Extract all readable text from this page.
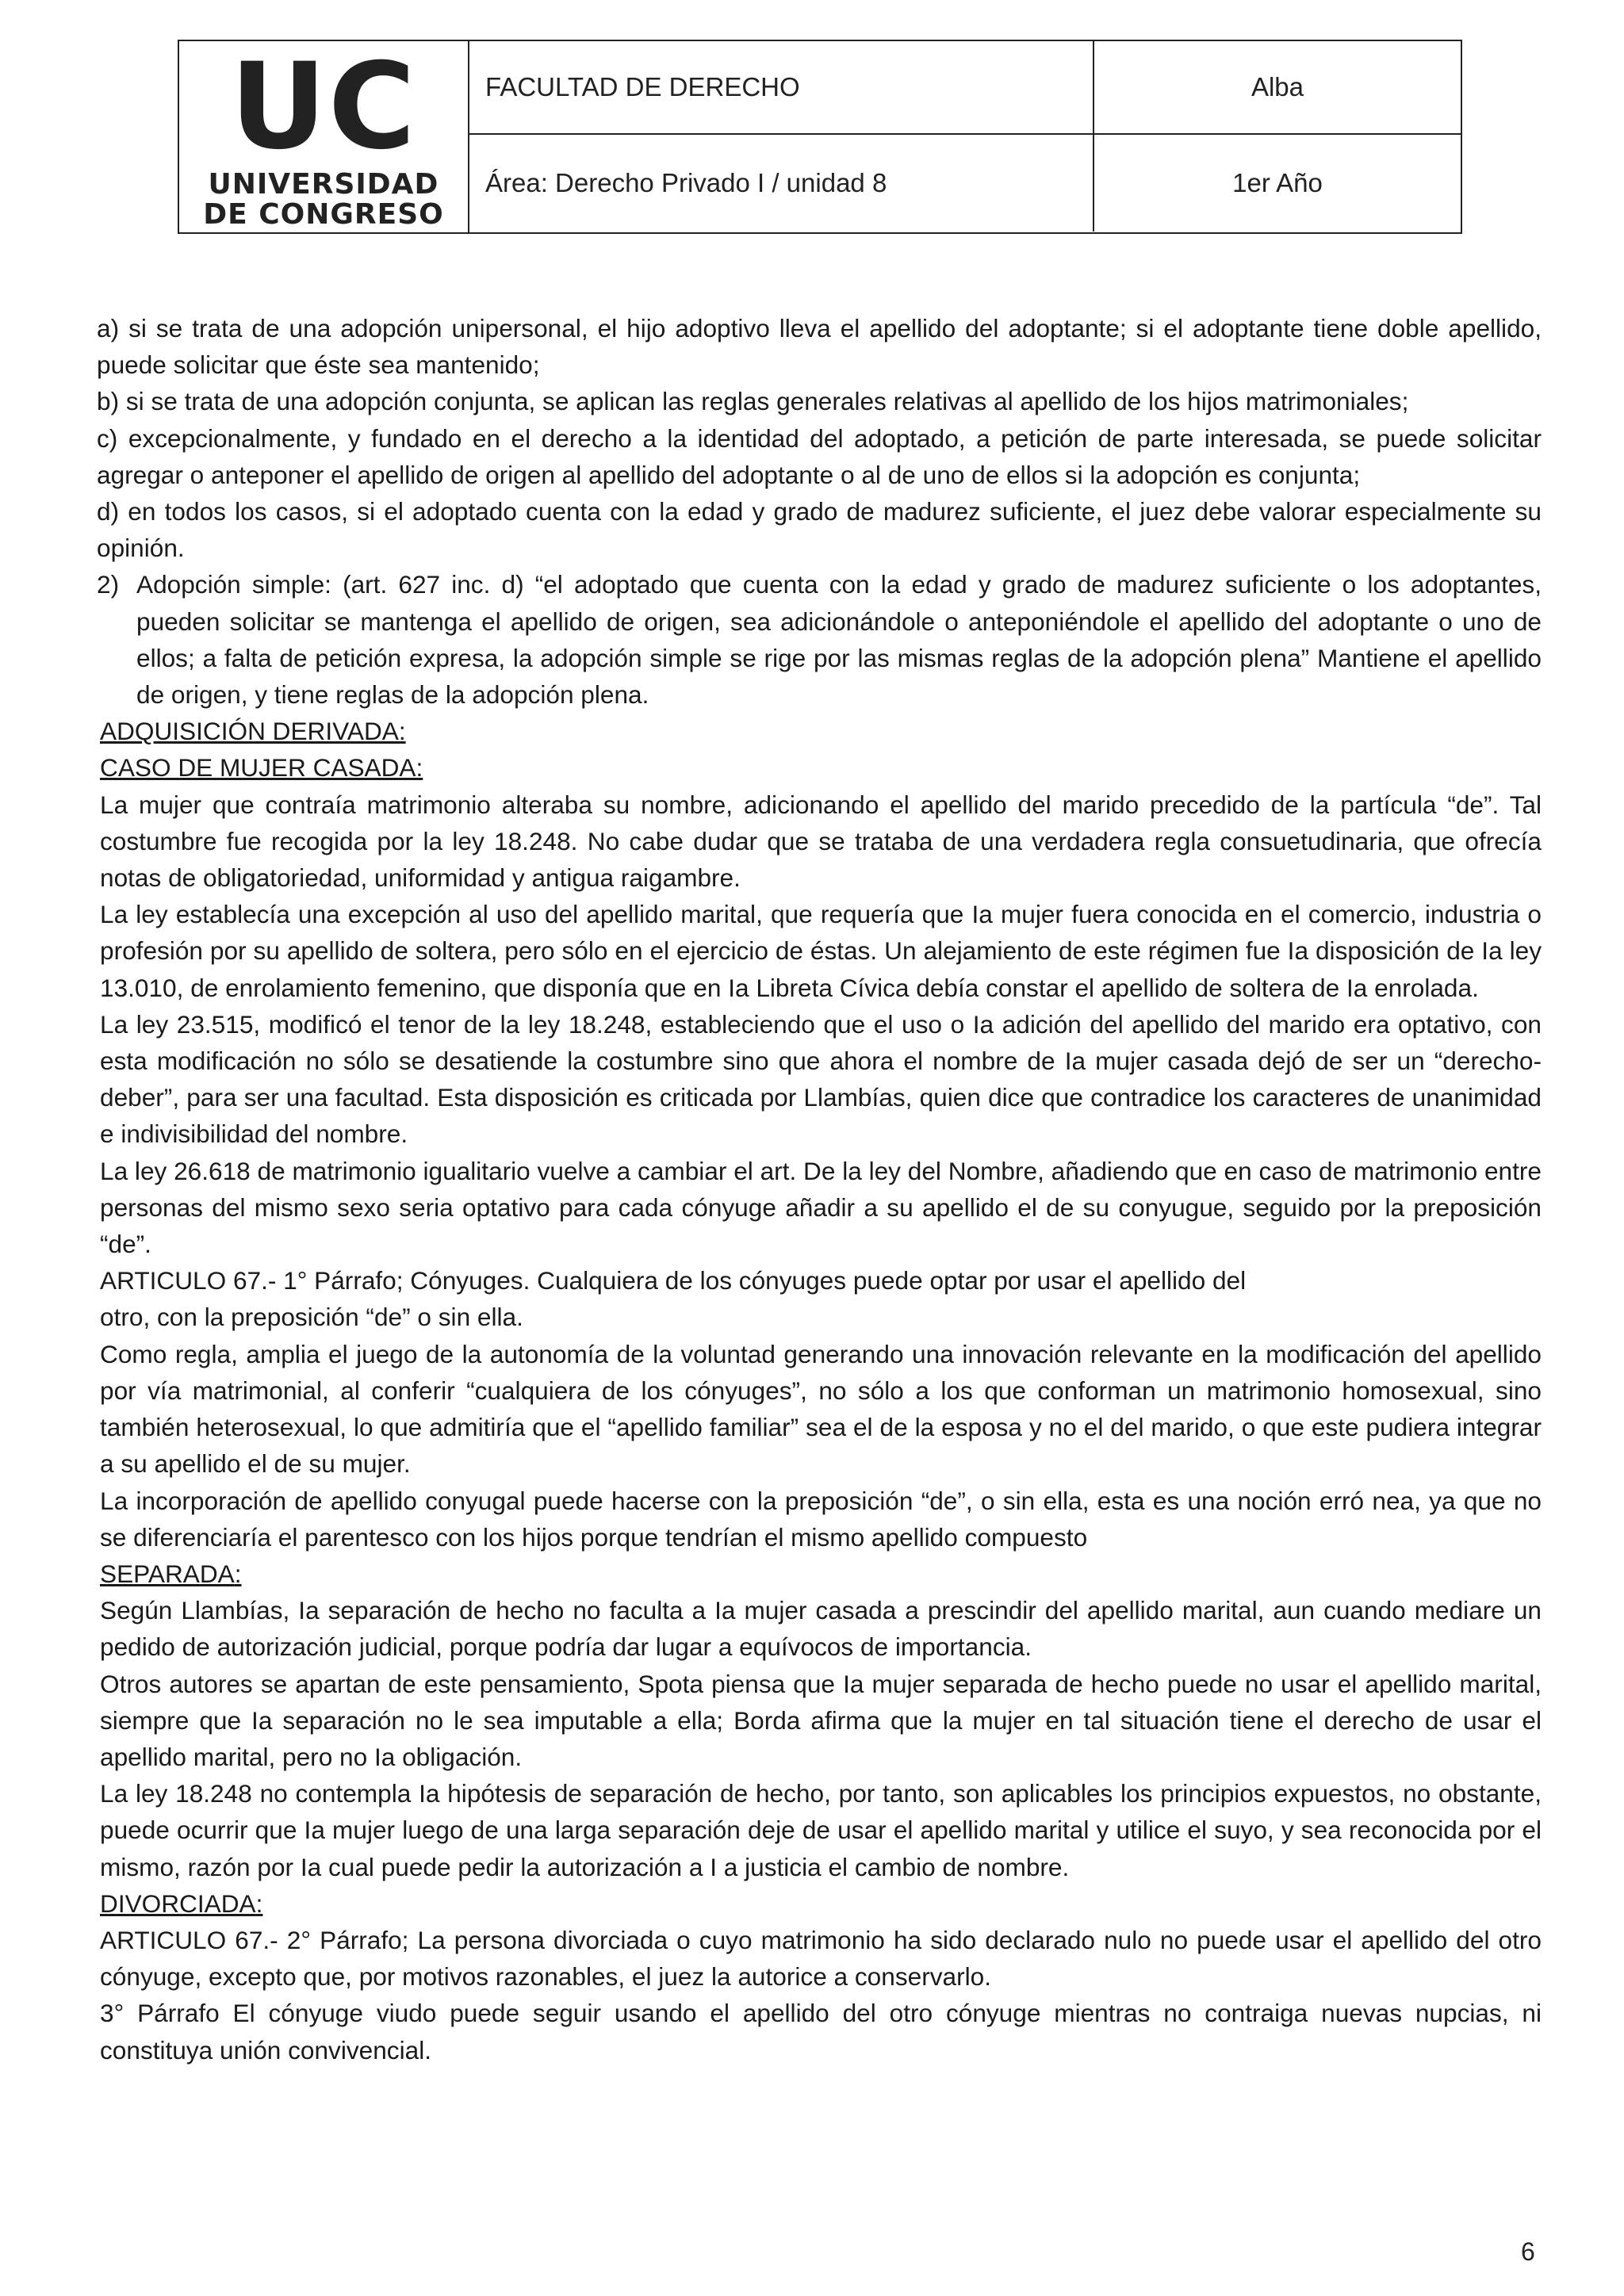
UC
UNIVERSIDAD
DE CONGRESO
FACULTAD DE DERECHO	Alba
Área: Derecho Privado I / unidad 8	1er Año

a) si se trata de una adopción unipersonal, el hijo adoptivo lleva el apellido del adoptante; si el adoptante tiene doble apellido, puede solicitar que éste sea mantenido;

b) si se trata de una adopción conjunta, se aplican las reglas generales relativas al apellido de los hijos matrimoniales;

c) excepcionalmente, y fundado en el derecho a la identidad del adoptado, a petición de parte interesada, se puede solicitar agregar o anteponer el apellido de origen al apellido del adoptante o al de uno de ellos si la adopción es conjunta;

d) en todos los casos, si el adoptado cuenta con la edad y grado de madurez suficiente, el juez debe valorar especialmente su opinión.

2) Adopción simple: (art. 627 inc. d) “el adoptado que cuenta con la edad y grado de madurez suficiente o los adoptantes, pueden solicitar se mantenga el apellido de origen, sea adicionándole o anteponiéndole el apellido del adoptante o uno de ellos; a falta de petición expresa, la adopción simple se rige por las mismas reglas de la adopción plena” Mantiene el apellido de origen, y tiene reglas de la adopción plena.

ADQUISICIÓN DERIVADA:

CASO DE MUJER CASADA:

La mujer que contraía matrimonio alteraba su nombre, adicionando el apellido del marido precedido de la partícula “de”. Tal costumbre fue recogida por la ley 18.248. No cabe dudar que se trataba de una verdadera regla consuetudinaria, que ofrecía notas de obligatoriedad, uniformidad y antigua raigambre.

La ley establecía una excepción al uso del apellido marital, que requería que Ia mujer fuera conocida en el comercio, industria o profesión por su apellido de soltera, pero sólo en el ejercicio de éstas. Un alejamiento de este régimen fue Ia disposición de Ia ley 13.010, de enrolamiento femenino, que disponía que en Ia Libreta Cívica debía constar el apellido de soltera de Ia enrolada.

La ley 23.515, modificó el tenor de la ley 18.248, estableciendo que el uso o Ia adición del apellido del marido era optativo, con esta modificación no sólo se desatiende la costumbre sino que ahora el nombre de Ia mujer casada dejó de ser un “derecho-deber”, para ser una facultad. Esta disposición es criticada por Llambías, quien dice que contradice los caracteres de unanimidad e indivisibilidad del nombre.

La ley 26.618 de matrimonio igualitario vuelve a cambiar el art. De la ley del Nombre, añadiendo que en caso de matrimonio entre personas del mismo sexo seria optativo para cada cónyuge añadir a su apellido el de su conyugue, seguido por la preposición “de”.

ARTICULO 67.- 1° Párrafo; Cónyuges. Cualquiera de los cónyuges puede optar por usar el apellido del

otro, con la preposición “de” o sin ella.

Como regla, amplia el juego de la autonomía de la voluntad generando una innovación relevante en la modificación del apellido por vía matrimonial, al conferir “cualquiera de los cónyuges”, no sólo a los que conforman un matrimonio homosexual, sino también heterosexual, lo que admitiría que el “apellido familiar” sea el de la esposa y no el del marido, o que este pudiera integrar a su apellido el de su mujer.

La incorporación de apellido conyugal puede hacerse con la preposición “de”, o sin ella, esta es una noción erró nea, ya que no se diferenciaría el parentesco con los hijos porque tendrían el mismo apellido compuesto

SEPARADA:

Según Llambías, Ia separación de hecho no faculta a Ia mujer casada a prescindir del apellido marital, aun cuando mediare un pedido de autorización judicial, porque podría dar lugar a equívocos de importancia.

Otros autores se apartan de este pensamiento, Spota piensa que Ia mujer separada de hecho puede no usar el apellido marital, siempre que Ia separación no le sea imputable a ella; Borda afirma que la mujer en tal situación tiene el derecho de usar el apellido marital, pero no Ia obligación.

La ley 18.248 no contempla Ia hipótesis de separación de hecho, por tanto, son aplicables los principios expuestos, no obstante, puede ocurrir que Ia mujer luego de una larga separación deje de usar el apellido marital y utilice el suyo, y sea reconocida por el mismo, razón por Ia cual puede pedir la autorización a I a justicia el cambio de nombre.

DIVORCIADA:

ARTICULO 67.- 2° Párrafo; La persona divorciada o cuyo matrimonio ha sido declarado nulo no puede usar el apellido del otro cónyuge, excepto que, por motivos razonables, el juez la autorice a conservarlo.

3° Párrafo El cónyuge viudo puede seguir usando el apellido del otro cónyuge mientras no contraiga nuevas nupcias, ni constituya unión convivencial.

6
